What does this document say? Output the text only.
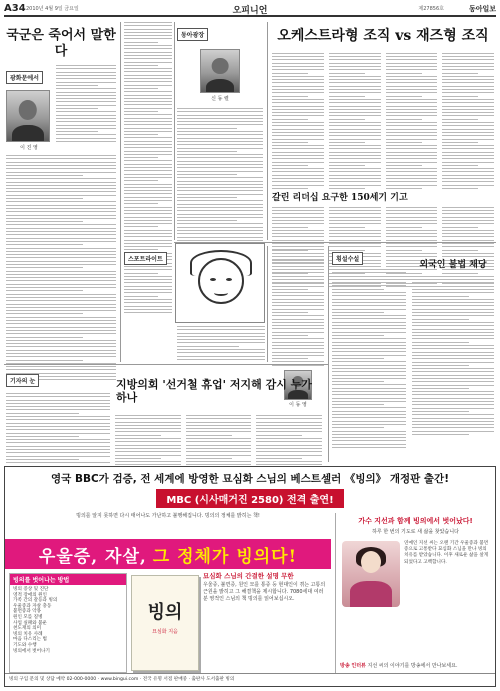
A34 2010년 4월 9일 금요일	오피니언	제27856호	동아일보
국군은 죽어서 말한다
광화문에서
이 진 영
동아광장
신 동 렬
오케스트라형 조직 vs 재즈형 조직
갈린 리더십 요구한 150세기 기고
스포트라이트
이 동 영
횡설수설
외국인 불법 채당
기자의 눈	지방의회 '선거철 휴업' 저지해 감시 누가 하나
영국 BBC가 검증, 전 세계에 방영한 묘심화 스님의 베스트셀러 《빙의》 개정판 출간!
MBC (시사매거진 2580) 전격 출연!
빙의를 알지 못하면 다시 태어나도 가난하고 불행해집니다. 빙의의 정체를 밝히는 책!
우울증, 자살, 그 정체가 빙의다!
빙의를 벗어나는 방법
빙의 증상 및 진단
영적 장애의 원인
가족 간의 갈등과 빙의
우울증과 자살 충동
불면증과 악몽
원인 모를 질병
사업 실패와 불운
천도재의 의미
빙의 치유 사례
마음 다스리는 법
기도와 수행
빙의에서 벗어나기
빙의
묘심화 지음
묘심화 스님의 간결한 설명 무한
우울증, 불면증, 원인 모를 통증 등 현대인이 겪는 고통의 근원을 밝히고 그 해결책을 제시합니다. 7080세대 여러분 영적인 스님의 책 빙의를 읽어보십시오.
가수 지선과 함께 빙의에서 벗어났다!
하루 한 번의 기도로 새 삶을 찾았습니다
연예인 지선 씨는 오랜 기간 우울증과 불면증으로 고통받다 묘심화 스님을 만나 빙의 치유를 받았습니다. 이후 새로운 삶을 살게 되었다고 고백합니다.
방송 인터뷰 지선 씨의 이야기를 방송에서 만나보세요.
빙의 구입 문의 및 상담 예약 02-000-0000 · www.bingui.com · 전국 유명 서점 판매중 · 출판사 도서출판 빙의
